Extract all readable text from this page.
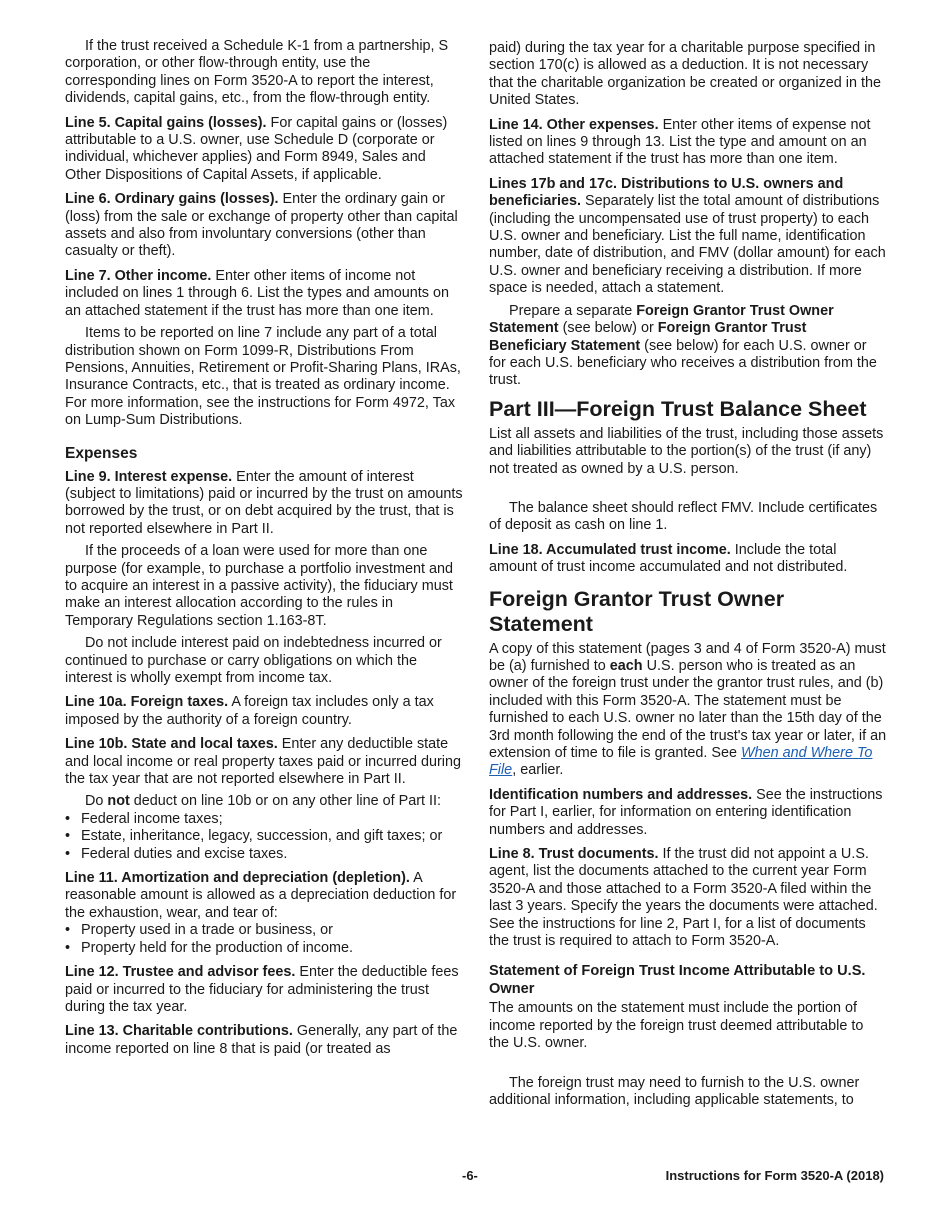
If the trust received a Schedule K-1 from a partnership, S corporation, or other flow-through entity, use the corresponding lines on Form 3520-A to report the interest, dividends, capital gains, etc., from the flow-through entity.

Line 5. Capital gains (losses). For capital gains or (losses) attributable to a U.S. owner, use Schedule D (corporate or individual, whichever applies) and Form 8949, Sales and Other Dispositions of Capital Assets, if applicable.

Line 6. Ordinary gains (losses). Enter the ordinary gain or (loss) from the sale or exchange of property other than capital assets and also from involuntary conversions (other than casualty or theft).

Line 7. Other income. Enter other items of income not included on lines 1 through 6. List the types and amounts on an attached statement if the trust has more than one item.

Items to be reported on line 7 include any part of a total distribution shown on Form 1099-R, Distributions From Pensions, Annuities, Retirement or Profit-Sharing Plans, IRAs, Insurance Contracts, etc., that is treated as ordinary income. For more information, see the instructions for Form 4972, Tax on Lump-Sum Distributions.

Expenses

Line 9. Interest expense. Enter the amount of interest (subject to limitations) paid or incurred by the trust on amounts borrowed by the trust, or on debt acquired by the trust, that is not reported elsewhere in Part II.

If the proceeds of a loan were used for more than one purpose (for example, to purchase a portfolio investment and to acquire an interest in a passive activity), the fiduciary must make an interest allocation according to the rules in Temporary Regulations section 1.163-8T.

Do not include interest paid on indebtedness incurred or continued to purchase or carry obligations on which the interest is wholly exempt from income tax.

Line 10a. Foreign taxes. A foreign tax includes only a tax imposed by the authority of a foreign country.

Line 10b. State and local taxes. Enter any deductible state and local income or real property taxes paid or incurred during the tax year that are not reported elsewhere in Part II.

Do not deduct on line 10b or on any other line of Part II:

• Federal income taxes;

• Estate, inheritance, legacy, succession, and gift taxes; or

• Federal duties and excise taxes.

Line 11. Amortization and depreciation (depletion). A reasonable amount is allowed as a depreciation deduction for the exhaustion, wear, and tear of:

• Property used in a trade or business, or

• Property held for the production of income.

Line 12. Trustee and advisor fees. Enter the deductible fees paid or incurred to the fiduciary for administering the trust during the tax year.

Line 13. Charitable contributions. Generally, any part of the income reported on line 8 that is paid (or treated as

paid) during the tax year for a charitable purpose specified in section 170(c) is allowed as a deduction. It is not necessary that the charitable organization be created or organized in the United States.

Line 14. Other expenses. Enter other items of expense not listed on lines 9 through 13. List the type and amount on an attached statement if the trust has more than one item.

Lines 17b and 17c. Distributions to U.S. owners and beneficiaries. Separately list the total amount of distributions (including the uncompensated use of trust property) to each U.S. owner and beneficiary. List the full name, identification number, date of distribution, and FMV (dollar amount) for each U.S. owner and beneficiary receiving a distribution. If more space is needed, attach a statement.

Prepare a separate Foreign Grantor Trust Owner Statement (see below) or Foreign Grantor Trust Beneficiary Statement (see below) for each U.S. owner or for each U.S. beneficiary who receives a distribution from the trust.

Part III—Foreign Trust Balance Sheet

List all assets and liabilities of the trust, including those assets and liabilities attributable to the portion(s) of the trust (if any) not treated as owned by a U.S. person.

The balance sheet should reflect FMV. Include certificates of deposit as cash on line 1.

Line 18. Accumulated trust income. Include the total amount of trust income accumulated and not distributed.

Foreign Grantor Trust Owner Statement

A copy of this statement (pages 3 and 4 of Form 3520-A) must be (a) furnished to each U.S. person who is treated as an owner of the foreign trust under the grantor trust rules, and (b) included with this Form 3520-A. The statement must be furnished to each U.S. owner no later than the 15th day of the 3rd month following the end of the trust's tax year or later, if an extension of time to file is granted. See When and Where To File, earlier.

Identification numbers and addresses. See the instructions for Part I, earlier, for information on entering identification numbers and addresses.

Line 8. Trust documents. If the trust did not appoint a U.S. agent, list the documents attached to the current year Form 3520-A and those attached to a Form 3520-A filed within the last 3 years. Specify the years the documents were attached. See the instructions for line 2, Part I, for a list of documents the trust is required to attach to Form 3520-A.

Statement of Foreign Trust Income Attributable to U.S. Owner

The amounts on the statement must include the portion of income reported by the foreign trust deemed attributable to the U.S. owner.

The foreign trust may need to furnish to the U.S. owner additional information, including applicable statements, to

-6-	Instructions for Form 3520-A (2018)
